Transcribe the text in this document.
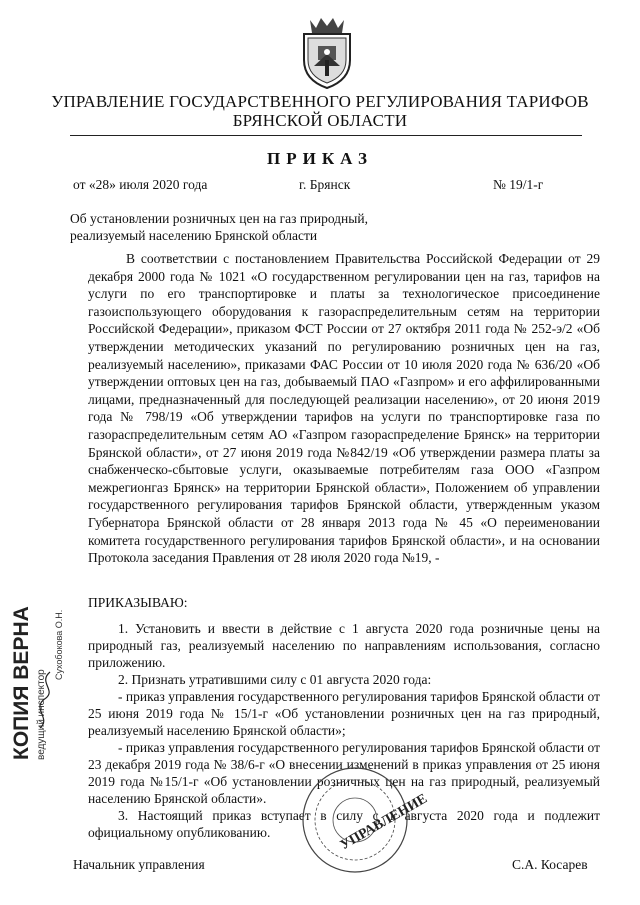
УПРАВЛЕНИЕ ГОСУДАРСТВЕННОГО РЕГУЛИРОВАНИЯ ТАРИФОВ
БРЯНСКОЙ ОБЛАСТИ
ПРИКАЗ
от «28» июля 2020 года	г. Брянск	№ 19/1-г
Об установлении розничных цен на газ природный,
реализуемый населению Брянской области

В соответствии с постановлением Правительства Российской Федерации от 29 декабря 2000 года № 1021 «О государственном регулировании цен на газ, тарифов на услуги по его транспортировке и платы за технологическое присоединение газоиспользующего оборудования к газораспределительным сетям на территории Российской Федерации», приказом ФСТ России от 27 октября 2011 года № 252-э/2 «Об утверждении методических указаний по регулированию розничных цен на газ, реализуемый населению», приказами ФАС России от 10 июля 2020 года № 636/20 «Об утверждении оптовых цен на газ, добываемый ПАО «Газпром» и его аффилированными лицами, предназначенный для последующей реализации населению», от 20 июня 2019 года № 798/19 «Об утверждении тарифов на услуги по транспортировке газа по газораспределительным сетям АО «Газпром газораспределение Брянск» на территории Брянской области», от 27 июня 2019 года №842/19 «Об утверждении размера платы за снабженческо-сбытовые услуги, оказываемые потребителям газа ООО «Газпром межрегионгаз Брянск» на территории Брянской области», Положением об управлении государственного регулирования тарифов Брянской области, утвержденным указом Губернатора Брянской области от 28 января 2013 года № 45 «О переименовании комитета государственного регулирования тарифов Брянской области», и на основании Протокола заседания Правления от 28 июля 2020 года №19, -

ПРИКАЗЫВАЮ:

1. Установить и ввести в действие с 1 августа 2020 года розничные цены на природный газ, реализуемый населению по направлениям использования, согласно приложению.

2. Признать утратившими силу с 01 августа 2020 года:

- приказ управления государственного регулирования тарифов Брянской области от 25 июня 2019 года № 15/1-г «Об установлении розничных цен на газ природный, реализуемый населению Брянской области»;

- приказ управления государственного регулирования тарифов Брянской области от 23 декабря 2019 года № 38/6-г «О внесении изменений в приказ управления от 25 июня 2019 года №15/1-г «Об установлении розничных цен на газ природный, реализуемый населению Брянской области».

3. Настоящий приказ вступает в силу с 1 августа 2020 года и подлежит официальному опубликованию.

Начальник управления	С.А. Косарев
КОПИЯ ВЕРНА ведущий инспектор
Сухобокова О.Н.
УПРАВЛЕНИЕ
